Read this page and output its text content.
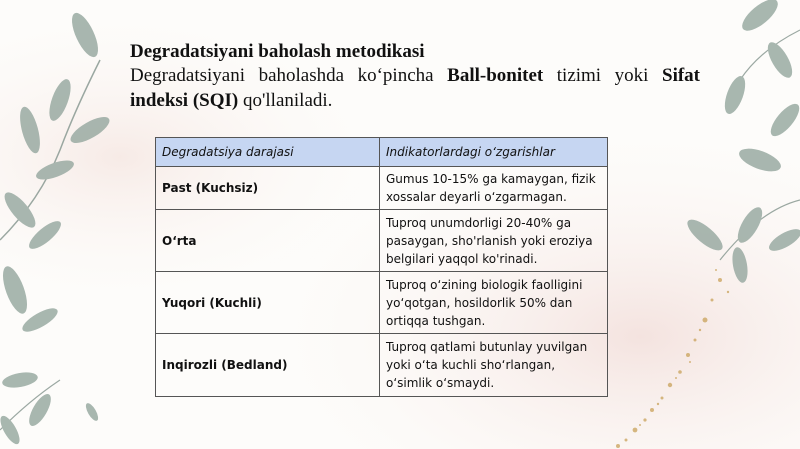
Degradatsiyani baholash metodikasi
Degradatsiyani baholashda ko‘pincha Ball-bonitet tizimi yoki Sifat indeksi (SQI) qo'llaniladi.
Degradatsiya darajasi	Indikatorlardagi o‘zgarishlar
Past (Kuchsiz)	Gumus 10-15% ga kamaygan, fizik xossalar deyarli o‘zgarmagan.
O‘rta	Tuproq unumdorligi 20-40% ga pasaygan, sho'rlanish yoki eroziya belgilari yaqqol ko'rinadi.
Yuqori (Kuchli)	Tuproq o‘zining biologik faolligini yo‘qotgan, hosildorlik 50% dan ortiqqa tushgan.
Inqirozli (Bedland)	Tuproq qatlami butunlay yuvilgan yoki o‘ta kuchli sho‘rlangan, o‘simlik o‘smaydi.
